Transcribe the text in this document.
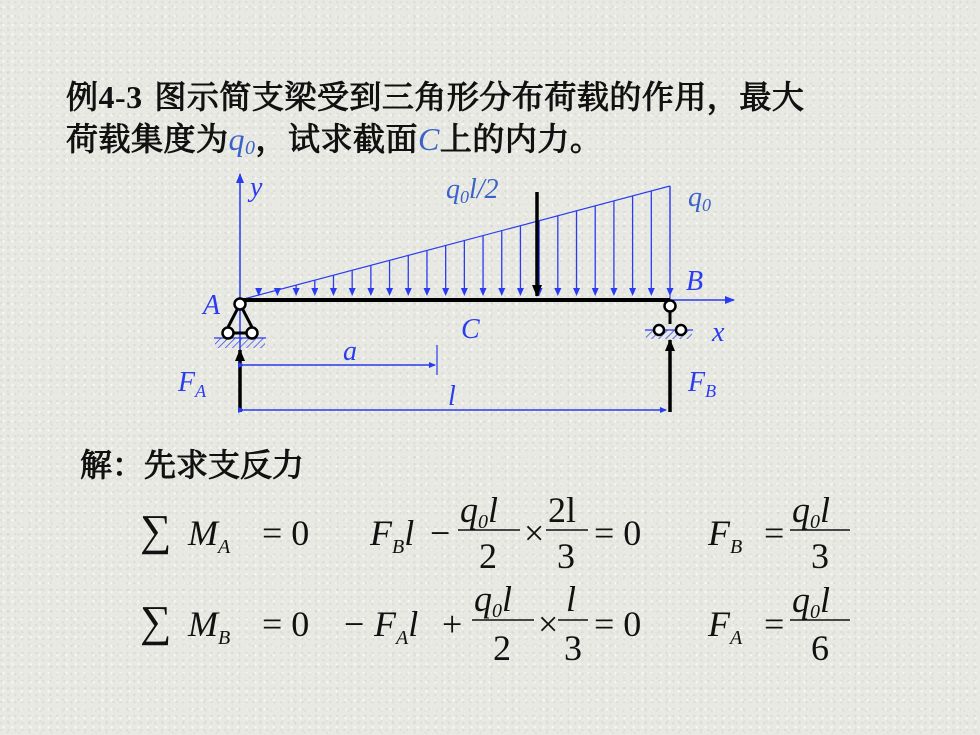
例4-3 图示简支梁受到三角形分布荷载的作用，最大
荷载集度为$q_0$，试求截面C上的内力。
y
x
q0l/2	q0
A
B
C
a
l
$F_A$	$F_B$
∑ $M_A = 0$ $F_Bl$ −
q0l
2
×
2l
3
= 0 $F_B$ =
q0l
3
∑ $M_B = 0 - F_Al$ +
q0l
2
×
l
3
= 0 $F_A$ =
q0l
6
解：先求支反力
